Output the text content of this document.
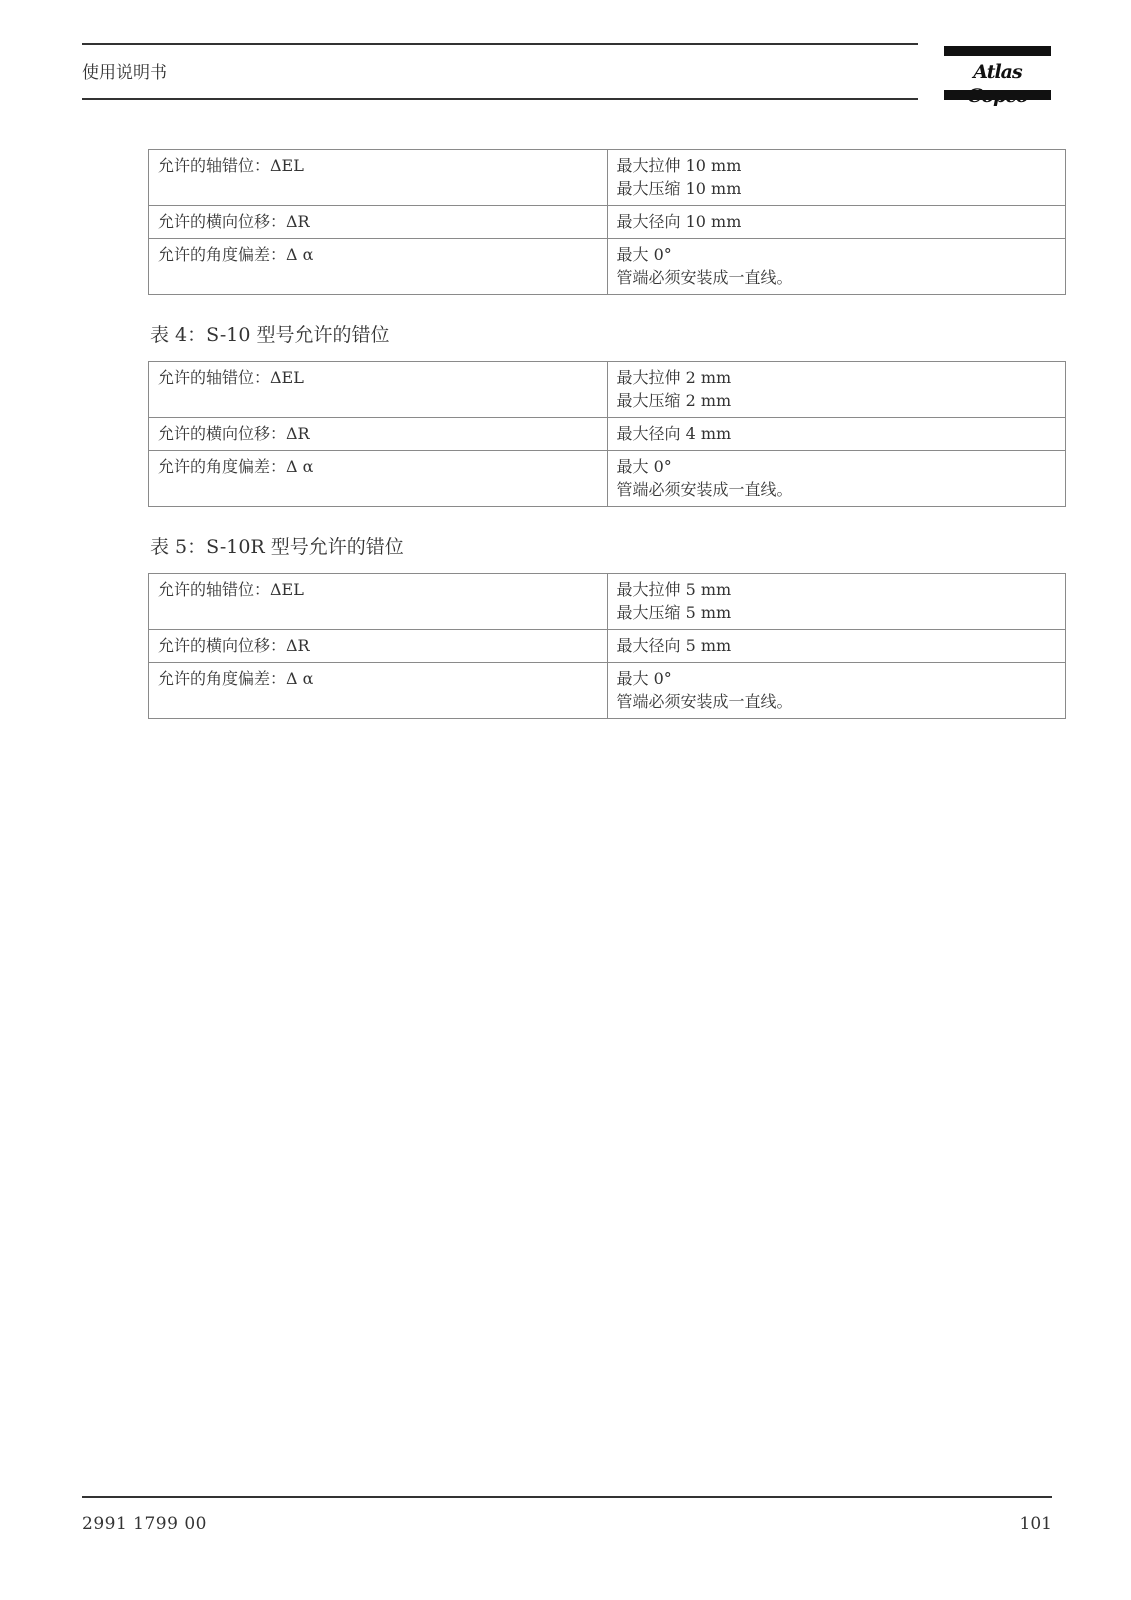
使用说明书	Atlas
允许的轴错位：ΔEL	最大拉伸 10 mm
最大压缩 10 mm

允许的横向位移：ΔR	最大径向 10 mm

允许的角度偏差：Δ α	最大 0°
管端必须安装成一直线。
表 4：S-10 型号允许的错位
允许的轴错位：ΔEL	最大拉伸 2 mm
最大压缩 2 mm

允许的横向位移：ΔR	最大径向 4 mm

允许的角度偏差：Δ α	最大 0°
管端必须安装成一直线。
表 5：S-10R 型号允许的错位
允许的轴错位：ΔEL	最大拉伸 5 mm
最大压缩 5 mm

允许的横向位移：ΔR	最大径向 5 mm

允许的角度偏差：Δ α	最大 0°
管端必须安装成一直线。
2991 1799 00	101
